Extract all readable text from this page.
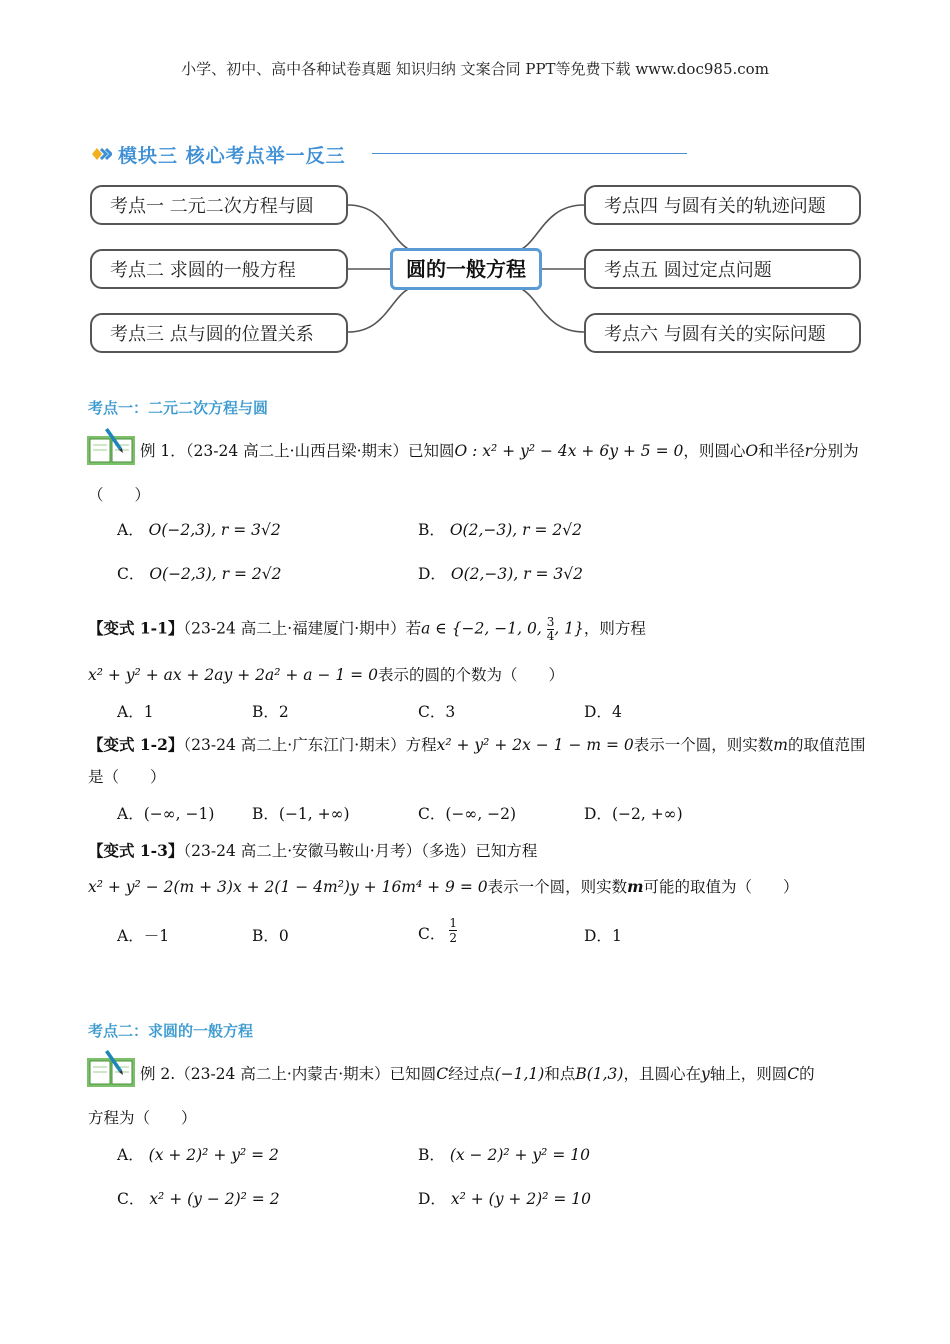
小学、初中、高中各种试卷真题 知识归纳 文案合同 PPT等免费下载 www.doc985.com
模块三 核心考点举一反三
考点一 二元二次方程与圆
考点二 求圆的一般方程
考点三 点与圆的位置关系
圆的一般方程
考点四 与圆有关的轨迹问题
考点五 圆过定点问题
考点六 与圆有关的实际问题
考点一：二元二次方程与圆
例 1．（23-24 高二上·山西吕梁·期末）已知圆O : x² + y² − 4x + 6y + 5 = 0，则圆心O和半径r分别为
（　　）
A． O(−2,3), r = 3√2	B． O(2,−3), r = 2√2
C． O(−2,3), r = 2√2	D． O(2,−3), r = 3√2
【变式 1-1】（23-24 高二上·福建厦门·期中）若a ∈ {−2, −1, 0, $\frac{3}{4}$ , 1}，则方程
x² + y² + ax + 2ay + 2a² + a − 1 = 0表示的圆的个数为（　　）
A．1	B．2	C．3	D．4
【变式 1-2】（23-24 高二上·广东江门·期末）方程x² + y² + 2x − 1 − m = 0表示一个圆，则实数m的取值范围
是（　　）
A．(−∞, −1) B．(−1, +∞)	C．(−∞, −2)	D．(−2, +∞)
【变式 1-3】（23-24 高二上·安徽马鞍山·月考）（多选）已知方程
x² + y² − 2(m + 3)x + 2(1 − 4m²)y + 16m⁴ + 9 = 0表示一个圆，则实数m可能的取值为（　　）
A．－1	B．0	C． $\frac{1}{2}$	D．1
考点二：求圆的一般方程
例 2.（23-24 高二上·内蒙古·期末）已知圆C经过点(−1,1)和点B(1,3)，且圆心在y轴上，则圆C的
方程为（　　）
A． (x + 2)² + y² = 2	B． (x − 2)² + y² = 10
C． x² + (y − 2)² = 2	D． x² + (y + 2)² = 10
